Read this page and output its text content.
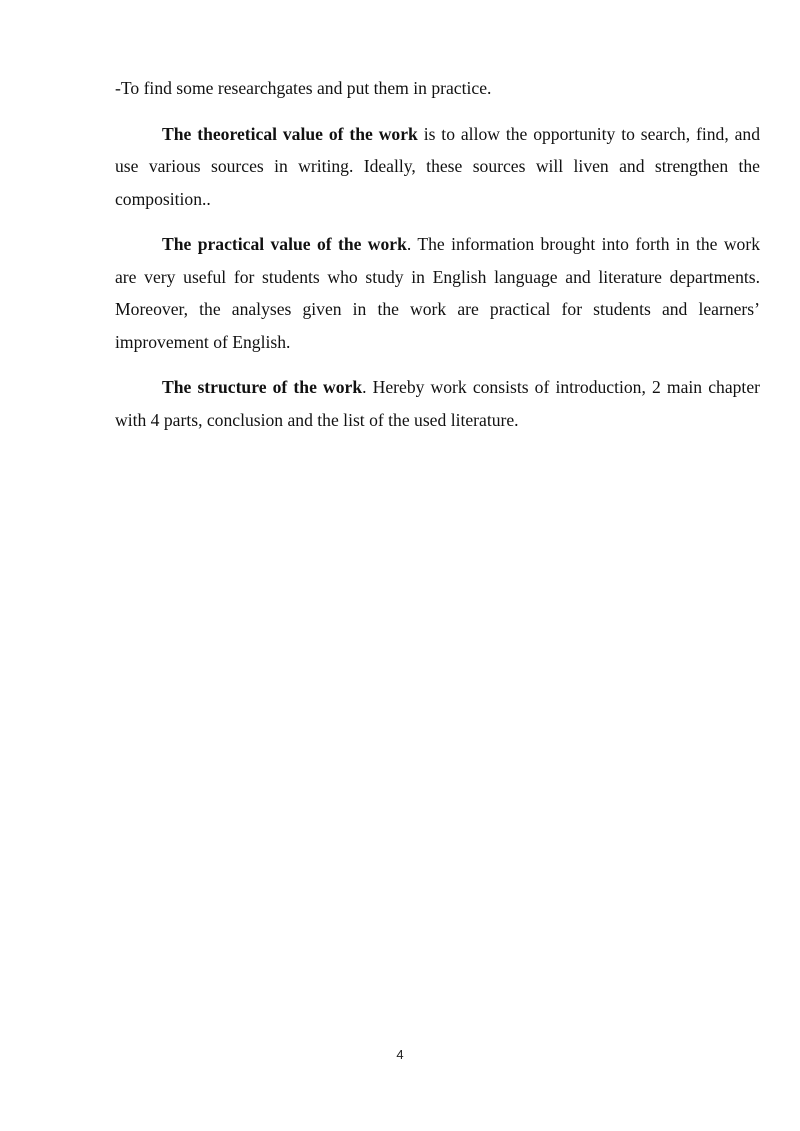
-To find some researchgates and put them in practice.

The theoretical value of the work is to allow the opportunity to search, find, and use various sources in writing. Ideally, these sources will liven and strengthen the composition..

The practical value of the work. The information brought into forth in the work are very useful for students who study in English language and literature departments. Moreover, the analyses given in the work are practical for students and learners’ improvement of English.

The structure of the work. Hereby work consists of introduction, 2 main chapter with 4 parts, conclusion and the list of the used literature.

4
